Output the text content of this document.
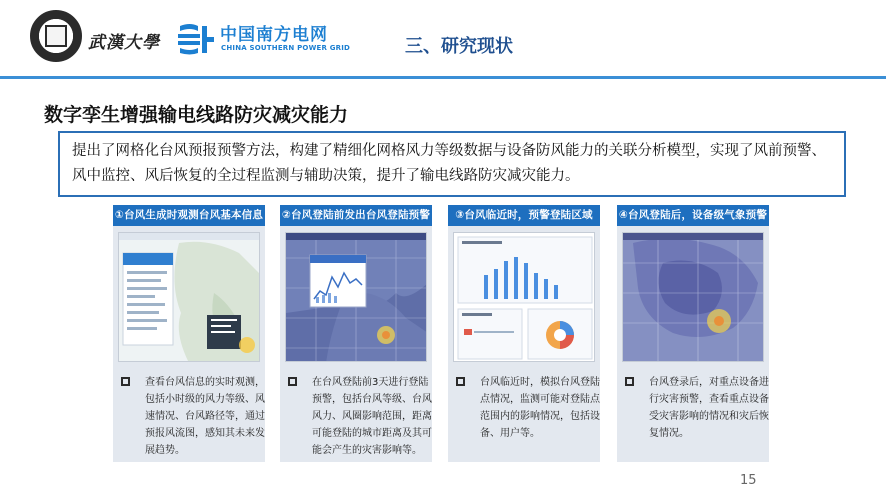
武漢大學	中国南方电网
CHINA SOUTHERN POWER GRID	三、研究现状
数字孪生增强输电线路防灾减灾能力
提出了网格化台风预报预警方法，构建了精细化网格风力等级数据与设备防风能力的关联分析模型，实现了风前预警、风中监控、风后恢复的全过程监测与辅助决策，提升了输电线路防灾减灾能力。
①台风生成时观测台风基本信息
查看台风信息的实时观测，包括小时级的风力等级、风速情况、台风路径等，通过预报风流图，感知其未来发展趋势。
②台风登陆前发出台风登陆预警
在台风登陆前3天进行登陆预警，包括台风等级、台风风力、风圈影响范围，距离可能登陆的城市距离及其可能会产生的灾害影响等。
③台风临近时，预警登陆区域
台风临近时，模拟台风登陆点情况，监测可能对登陆点范围内的影响情况，包括设备、用户等。
④台风登陆后，设备级气象预警
台风登录后，对重点设备进行灾害预警，查看重点设备受灾害影响的情况和灾后恢复情况。
15
